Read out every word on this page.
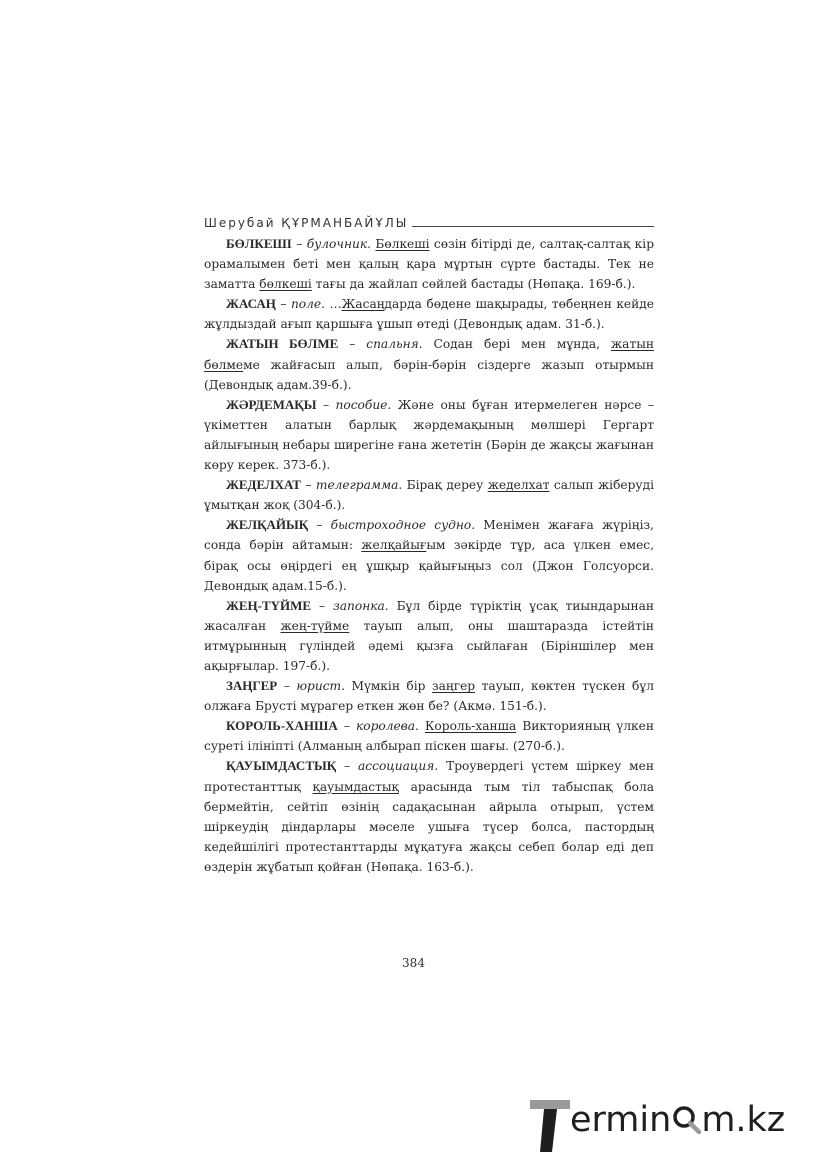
Шерубай ҚҰРМАНБАЙҰЛЫ

БӨЛКЕШІ – булочник. Бөлкеші сөзін бітірді де, салтақ-салтақ кір орамалымен беті мен қалың қара мұртын сүрте бастады. Тек не заматта бөлкеші тағы да жайлап сөйлей бастады (Нөпақа. 169-б.).

ЖАСАҢ – поле. …Жасаңдарда бөдене шақырады, төбеңнен кейде жұлдыздай ағып қаршыға ұшып өтеді (Девондық адам. 31-б.).

ЖАТЫН БӨЛМЕ – спальня. Содан бері мен мұнда, жатын бөлмеме жайғасып алып, бәрін-бәрін сіздерге жазып отырмын (Девондық адам.39-б.).

ЖӘРДЕМАҚЫ – пособие. Және оны бұған итермелеген нәрсе – үкіметтен алатын барлық жәрдемақының мөлшері Гергарт айлығының небары ширегіне ғана жететін (Бәрін де жақсы жағынан көру керек. 373-б.).

ЖЕДЕЛХАТ – телеграмма. Бірақ дереу жеделхат салып жіберуді ұмытқан жоқ (304-б.).

ЖЕЛҚАЙЫҚ – быстроходное судно. Менімен жағаға жүріңіз, сонда бәрін айтамын: желқайығым зәкірде тұр, аса үлкен емес, бірақ осы өңірдегі ең ұшқыр қайығыңыз сол (Джон Голсуорси. Девондық адам.15-б.).

ЖЕҢ-ТҮЙМЕ – запонка. Бұл бірде түріктің ұсақ тиындарынан жасалған жең-түйме тауып алып, оны шаштаразда істейтін итмұрынның гүліндей әдемі қызға сыйлаған (Біріншілер мен ақырғылар. 197-б.).

ЗАҢГЕР – юрист. Мүмкін бір заңгер тауып, көктен түскен бұл олжаға Брусті мұрагер еткен жөн бе? (Акмә. 151-б.).

КОРОЛЬ-ХАНША – королева. Король-ханша Викторияның үлкен суреті ілініпті (Алманың албырап піскен шағы. (270-б.).

ҚАУЫМДАСТЫҚ – ассоциация. Троувердегі үстем шіркеу мен протестанттық қауымдастық арасында тым тіл табыспақ бола бермейтін, сейтіп өзінің садақасынан айрыла отырып, үстем шіркеудің діндарлары мәселе ушыға түсер болса, пастордың кедейшілігі протестанттарды мұқатуға жақсы себеп болар еді деп өздерін жұбатып қойған (Нөпақа. 163-б.).

384
ermin m.kz
